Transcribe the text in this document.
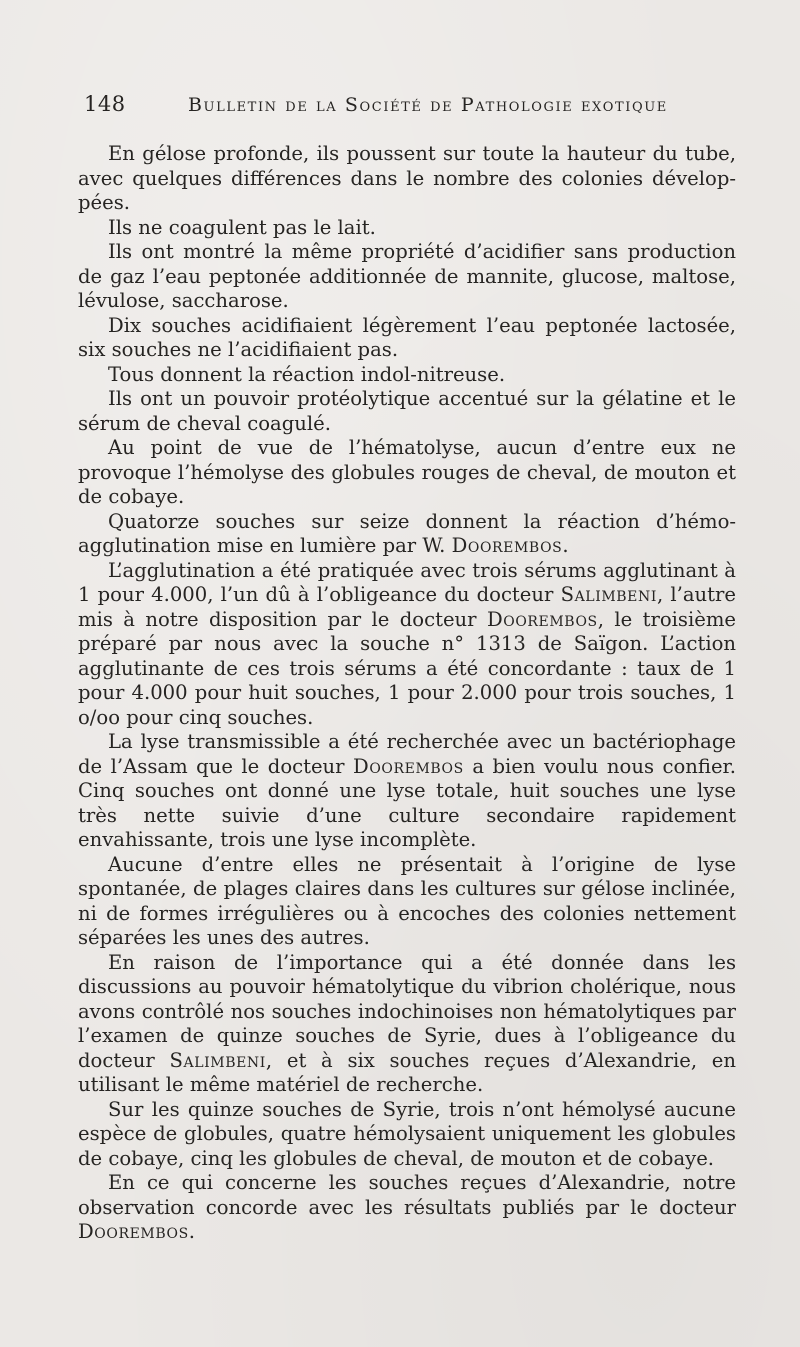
148	Bulletin de la Société de Pathologie exotique

En gélose profonde, ils poussent sur toute la hauteur du tube, avec quelques différences dans le nombre des colonies développées.

Ils ne coagulent pas le lait.

Ils ont montré la même propriété d’acidifier sans production de gaz l’eau peptonée additionnée de mannite, glucose, maltose, lévulose, saccharose.

Dix souches acidifiaient légèrement l’eau peptonée lactosée, six souches ne l’acidifiaient pas.

Tous donnent la réaction indol-nitreuse.

Ils ont un pouvoir protéolytique accentué sur la gélatine et le sérum de cheval coagulé.

Au point de vue de l’hématolyse, aucun d’entre eux ne provoque l’hémolyse des globules rouges de cheval, de mouton et de cobaye.

Quatorze souches sur seize donnent la réaction d’hémo-agglutination mise en lumière par W. Doorembos.

L’agglutination a été pratiquée avec trois sérums agglutinant à 1 pour 4.000, l’un dû à l’obligeance du docteur Salimbeni, l’autre mis à notre disposition par le docteur Doorembos, le troisième préparé par nous avec la souche n° 1313 de Saïgon. L’action agglutinante de ces trois sérums a été concordante : taux de 1 pour 4.000 pour huit souches, 1 pour 2.000 pour trois souches, 1 o/oo pour cinq souches.

La lyse transmissible a été recherchée avec un bactériophage de l’Assam que le docteur Doorembos a bien voulu nous confier. Cinq souches ont donné une lyse totale, huit souches une lyse très nette suivie d’une culture secondaire rapidement envahissante, trois une lyse incomplète.

Aucune d’entre elles ne présentait à l’origine de lyse spontanée, de plages claires dans les cultures sur gélose inclinée, ni de formes irrégulières ou à encoches des colonies nettement séparées les unes des autres.

En raison de l’importance qui a été donnée dans les discussions au pouvoir hématolytique du vibrion cholérique, nous avons contrôlé nos souches indochinoises non hématolytiques par l’examen de quinze souches de Syrie, dues à l’obligeance du docteur Salimbeni, et à six souches reçues d’Alexandrie, en utilisant le même matériel de recherche.

Sur les quinze souches de Syrie, trois n’ont hémolysé aucune espèce de globules, quatre hémolysaient uniquement les globules de cobaye, cinq les globules de cheval, de mouton et de cobaye.

En ce qui concerne les souches reçues d’Alexandrie, notre observation concorde avec les résultats publiés par le docteur Doorembos.
